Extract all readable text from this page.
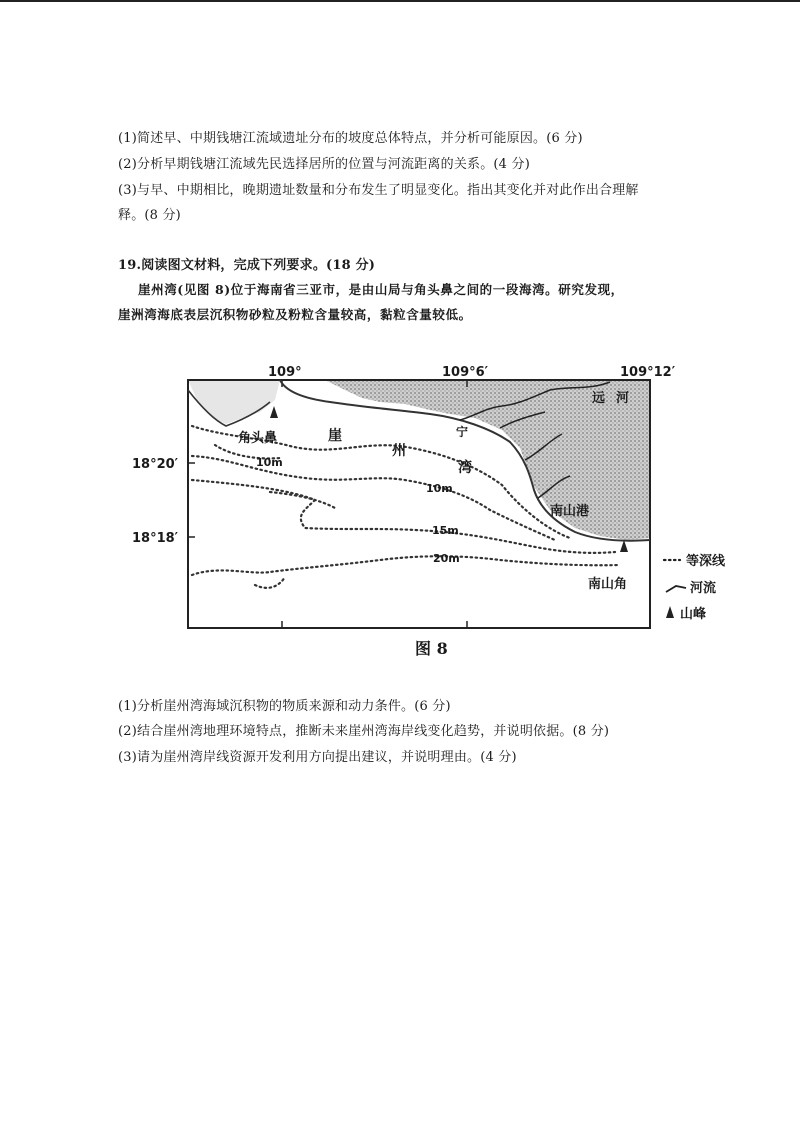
(1)简述早、中期钱塘江流域遗址分布的坡度总体特点，并分析可能原因。(6 分)
(2)分析早期钱塘江流域先民选择居所的位置与河流距离的关系。(4 分)
(3)与早、中期相比，晚期遗址数量和分布发生了明显变化。指出其变化并对此作出合理解
释。(8 分)
19.阅读图文材料，完成下列要求。(18 分)
崖州湾(见图 8)位于海南省三亚市，是由山局与角头鼻之间的一段海湾。研究发现，
崖洲湾海底表层沉积物砂粒及粉粒含量较高，黏粒含量较低。
109°	109°6′	109°12′
18°20′
18°18′
角头鼻	崖
州
湾
南山港
南山角
宁
远 河
10m
10m
15m
20m	等深线
河流
山峰
图 8
(1)分析崖州湾海域沉积物的物质来源和动力条件。(6 分)
(2)结合崖州湾地理环境特点，推断未来崖州湾海岸线变化趋势，并说明依据。(8 分)
(3)请为崖州湾岸线资源开发利用方向提出建议，并说明理由。(4 分)
